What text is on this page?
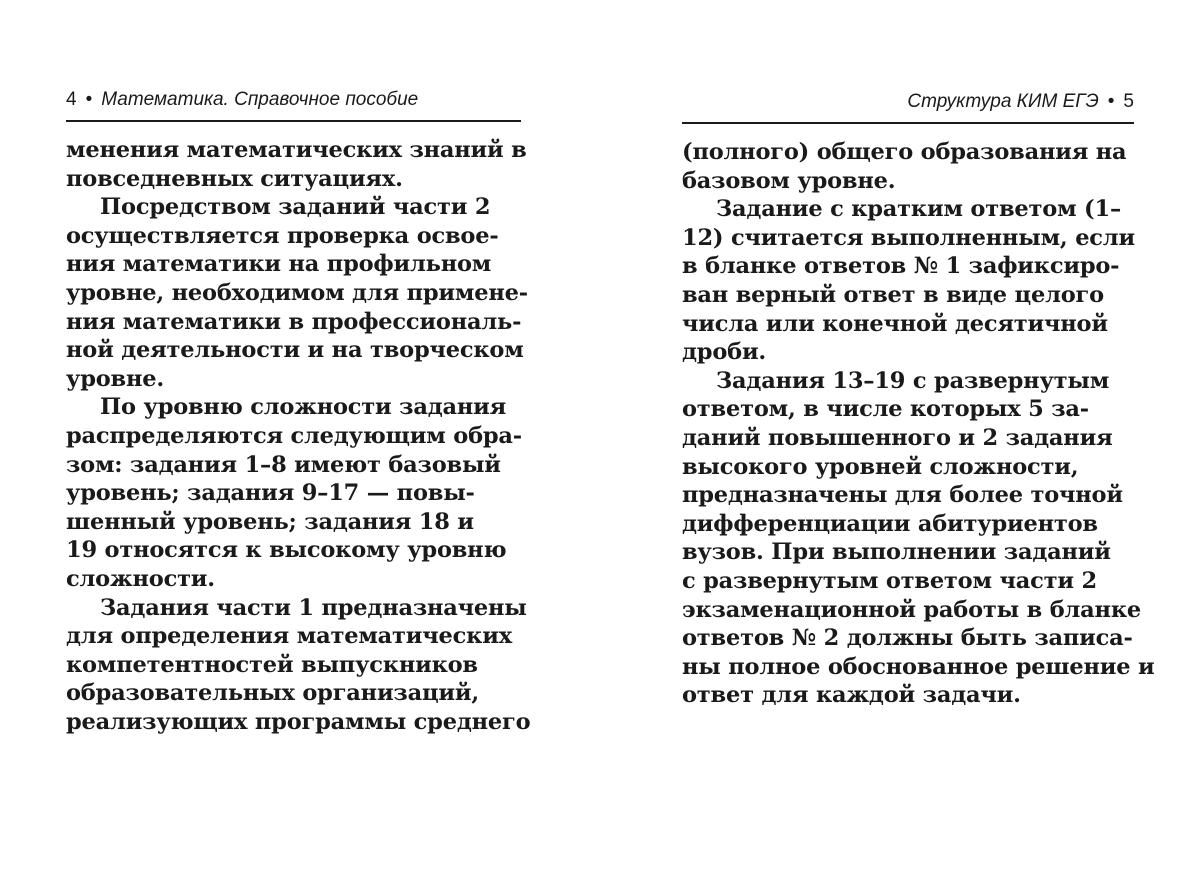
4 • Математика. Справочное пособие

менения математических знаний в

повседневных ситуациях.

Посредством заданий части 2

осуществляется проверка освое-

ния математики на профильном

уровне, необходимом для примене-

ния математики в профессиональ-

ной деятельности и на творческом

уровне.

По уровню сложности задания

распределяются следующим обра-

зом: задания 1–8 имеют базовый

уровень; задания 9–17 — повы-

шенный уровень; задания 18 и

19 относятся к высокому уровню

сложности.

Задания части 1 предназначены

для определения математических

компетентностей выпускников

образовательных организаций,

реализующих программы среднего

Структура КИМ ЕГЭ • 5

(полного) общего образования на

базовом уровне.

Задание с кратким ответом (1–

12) считается выполненным, если

в бланке ответов № 1 зафиксиро-

ван верный ответ в виде целого

числа или конечной десятичной

дроби.

Задания 13–19 с развернутым

ответом, в числе которых 5 за-

даний повышенного и 2 задания

высокого уровней сложности,

предназначены для более точной

дифференциации абитуриентов

вузов. При выполнении заданий

с развернутым ответом части 2

экзаменационной работы в бланке

ответов № 2 должны быть записа-

ны полное обоснованное решение и

ответ для каждой задачи.
